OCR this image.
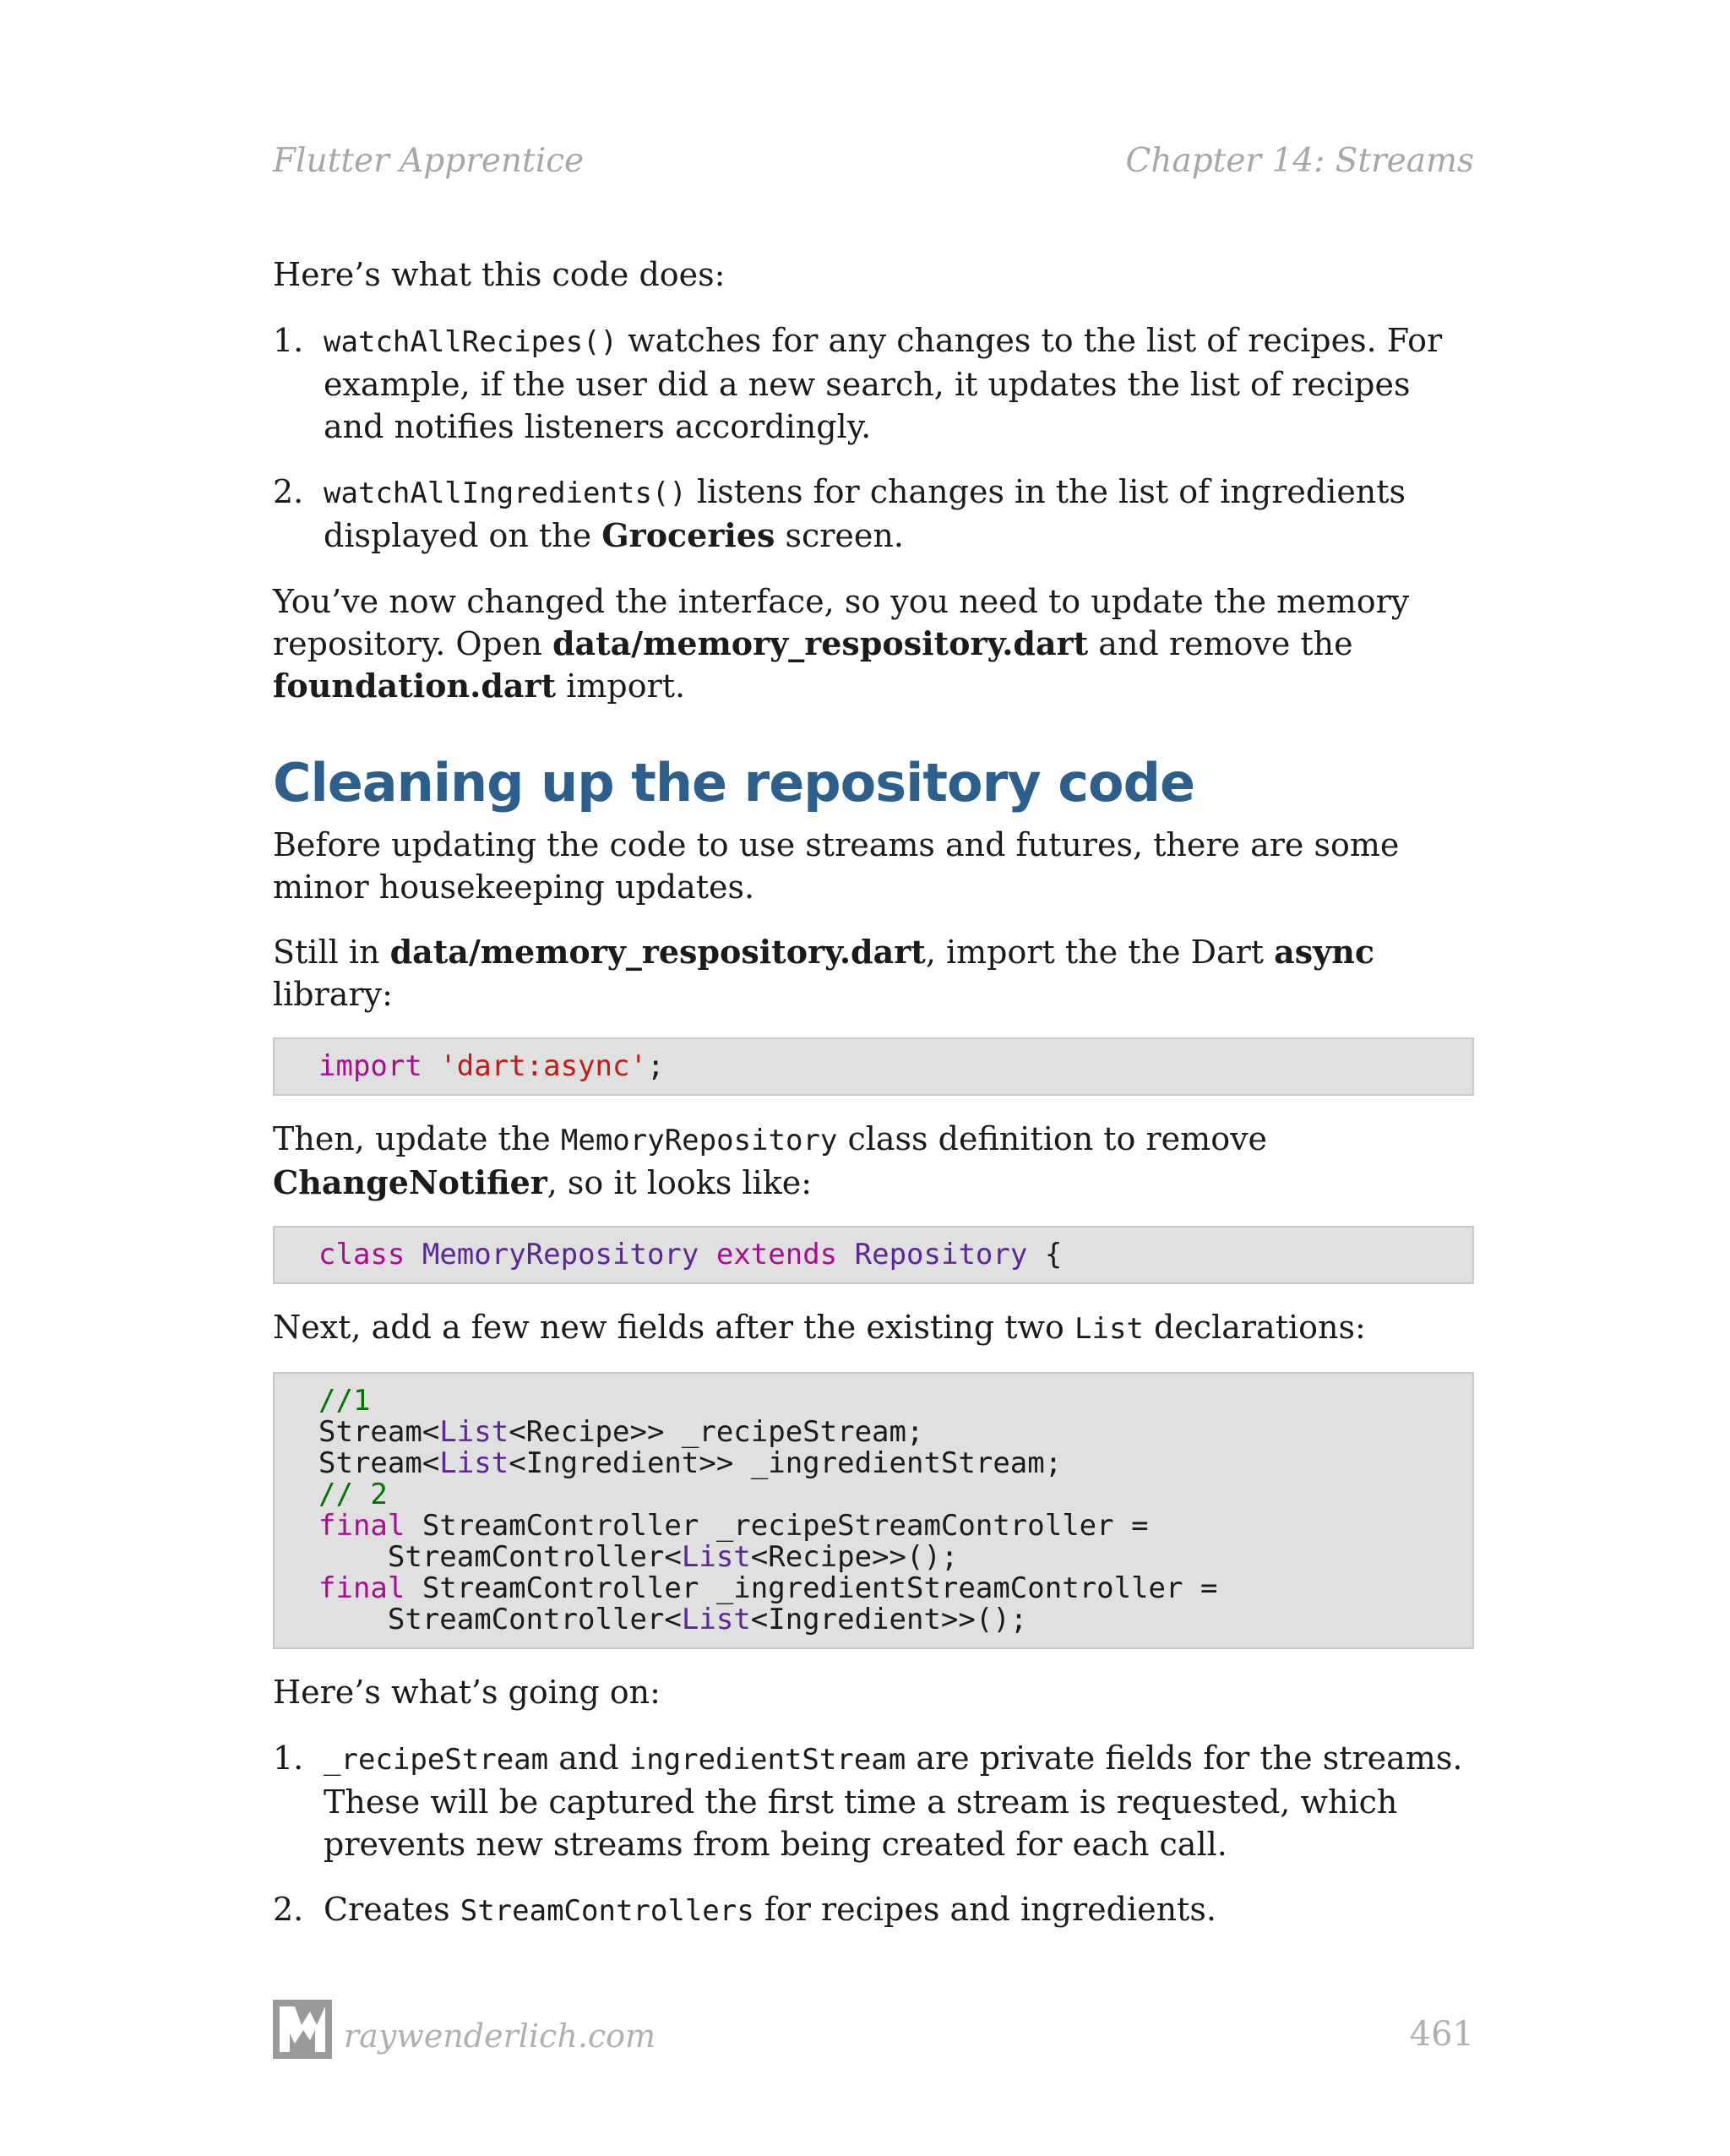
Flutter Apprentice	Chapter 14: Streams

Here’s what this code does:

1. watchAllRecipes() watches for any changes to the list of recipes. For example, if the user did a new search, it updates the list of recipes and notifies listeners accordingly.
2. watchAllIngredients() listens for changes in the list of ingredients displayed on the Groceries screen.

You’ve now changed the interface, so you need to update the memory repository. Open data/memory_respository.dart and remove the foundation.dart import.

Cleaning up the repository code

Before updating the code to use streams and futures, there are some minor housekeeping updates.

Still in data/memory_respository.dart, import the the Dart async library:

import 'dart:async';

Then, update the MemoryRepository class definition to remove ChangeNotifier, so it looks like:

class MemoryRepository extends Repository {

Next, add a few new fields after the existing two List declarations:

//1
Stream<List<Recipe>> _recipeStream;
Stream<List<Ingredient>> _ingredientStream;
// 2
final StreamController _recipeStreamController =
StreamController<List<Recipe>>();
final StreamController _ingredientStreamController =
StreamController<List<Ingredient>>();

Here’s what’s going on:

1. _recipeStream and ingredientStream are private fields for the streams. These will be captured the first time a stream is requested, which prevents new streams from being created for each call.
2. Creates StreamControllers for recipes and ingredients.
raywenderlich.com	461
